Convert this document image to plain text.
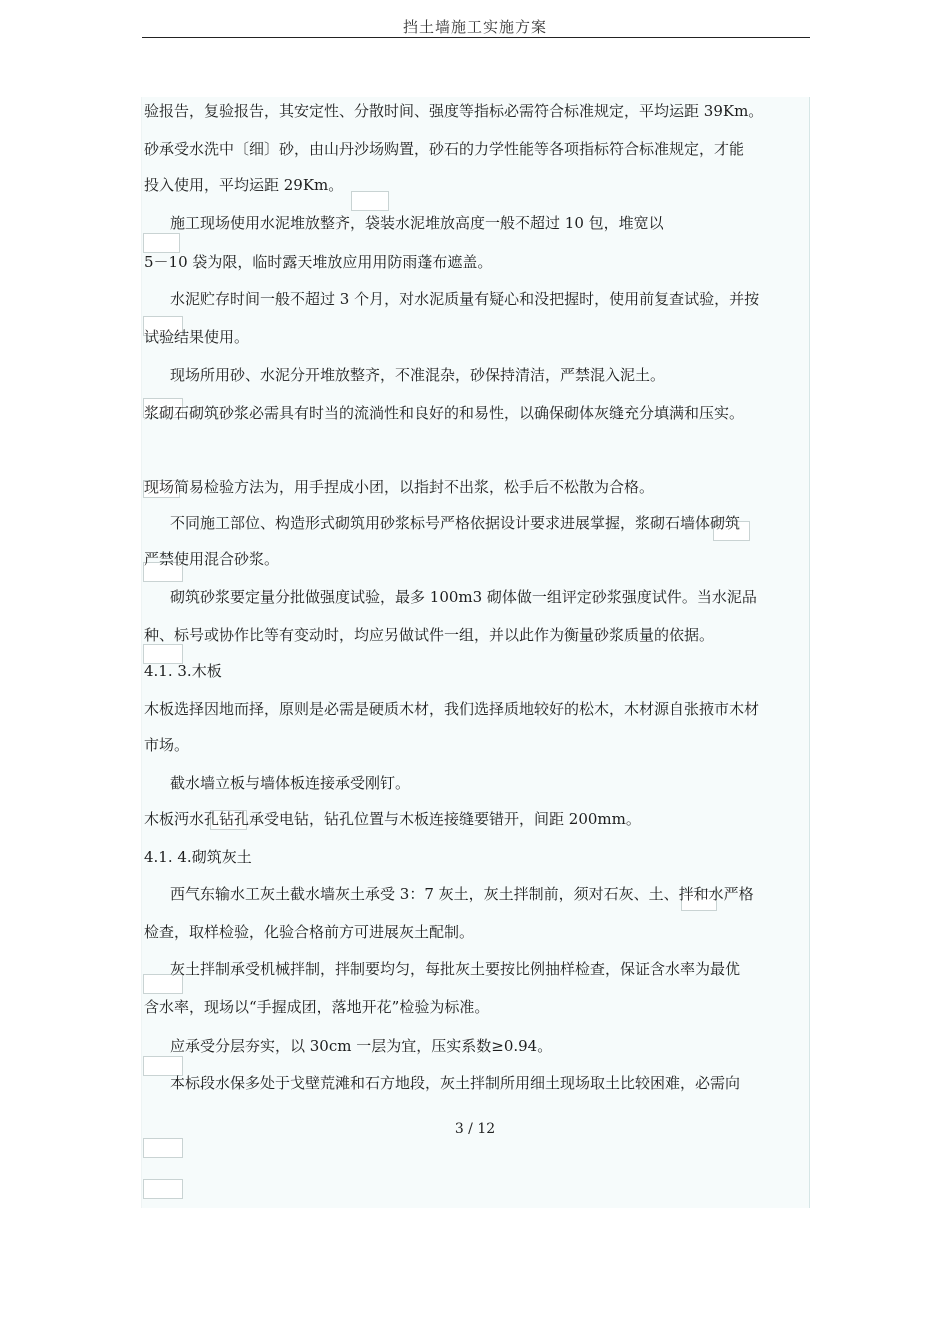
挡土墙施工实施方案
验报告，复验报告，其安定性、分散时间、强度等指标必需符合标准规定，平均运距 39Km。
砂承受水洗中〔细〕砂，由山丹沙场购置，砂石的力学性能等各项指标符合标准规定，才能
投入使用，平均运距 29Km。
施工现场使用水泥堆放整齐，袋装水泥堆放高度一般不超过 10 包，堆宽以
5－10 袋为限，临时露天堆放应用用防雨蓬布遮盖。
水泥贮存时间一般不超过 3 个月，对水泥质量有疑心和没把握时，使用前复查试验，并按
试验结果使用。
现场所用砂、水泥分开堆放整齐，不准混杂，砂保持清洁，严禁混入泥土。
浆砌石砌筑砂浆必需具有时当的流淌性和良好的和易性，以确保砌体灰缝充分填满和压实。
现场简易检验方法为，用手捏成小团，以指封不出浆，松手后不松散为合格。
不同施工部位、构造形式砌筑用砂浆标号严格依据设计要求进展掌握，浆砌石墙体砌筑
严禁使用混合砂浆。
砌筑砂浆要定量分批做强度试验，最多 100m3 砌体做一组评定砂浆强度试件。当水泥品
种、标号或协作比等有变动时，均应另做试件一组，并以此作为衡量砂浆质量的依据。
4.1. 3.木板
木板选择因地而择，原则是必需是硬质木材，我们选择质地较好的松木，木材源自张掖市木材
市场。
截水墙立板与墙体板连接承受刚钉。
木板沔水孔钻孔承受电钻，钻孔位置与木板连接缝要错开，间距 200mm。
4.1. 4.砌筑灰土
西气东输水工灰土截水墙灰土承受 3：7 灰土，灰土拌制前，须对石灰、土、拌和水严格
检查，取样检验，化验合格前方可进展灰土配制。
灰土拌制承受机械拌制，拌制要均匀，每批灰土要按比例抽样检查，保证含水率为最优
含水率，现场以“手握成团，落地开花”检验为标准。
应承受分层夯实，以 30cm 一层为宜，压实系数≥0.94。
本标段水保多处于戈壁荒滩和石方地段，灰土拌制所用细土现场取土比较困难，必需向
3 / 12
